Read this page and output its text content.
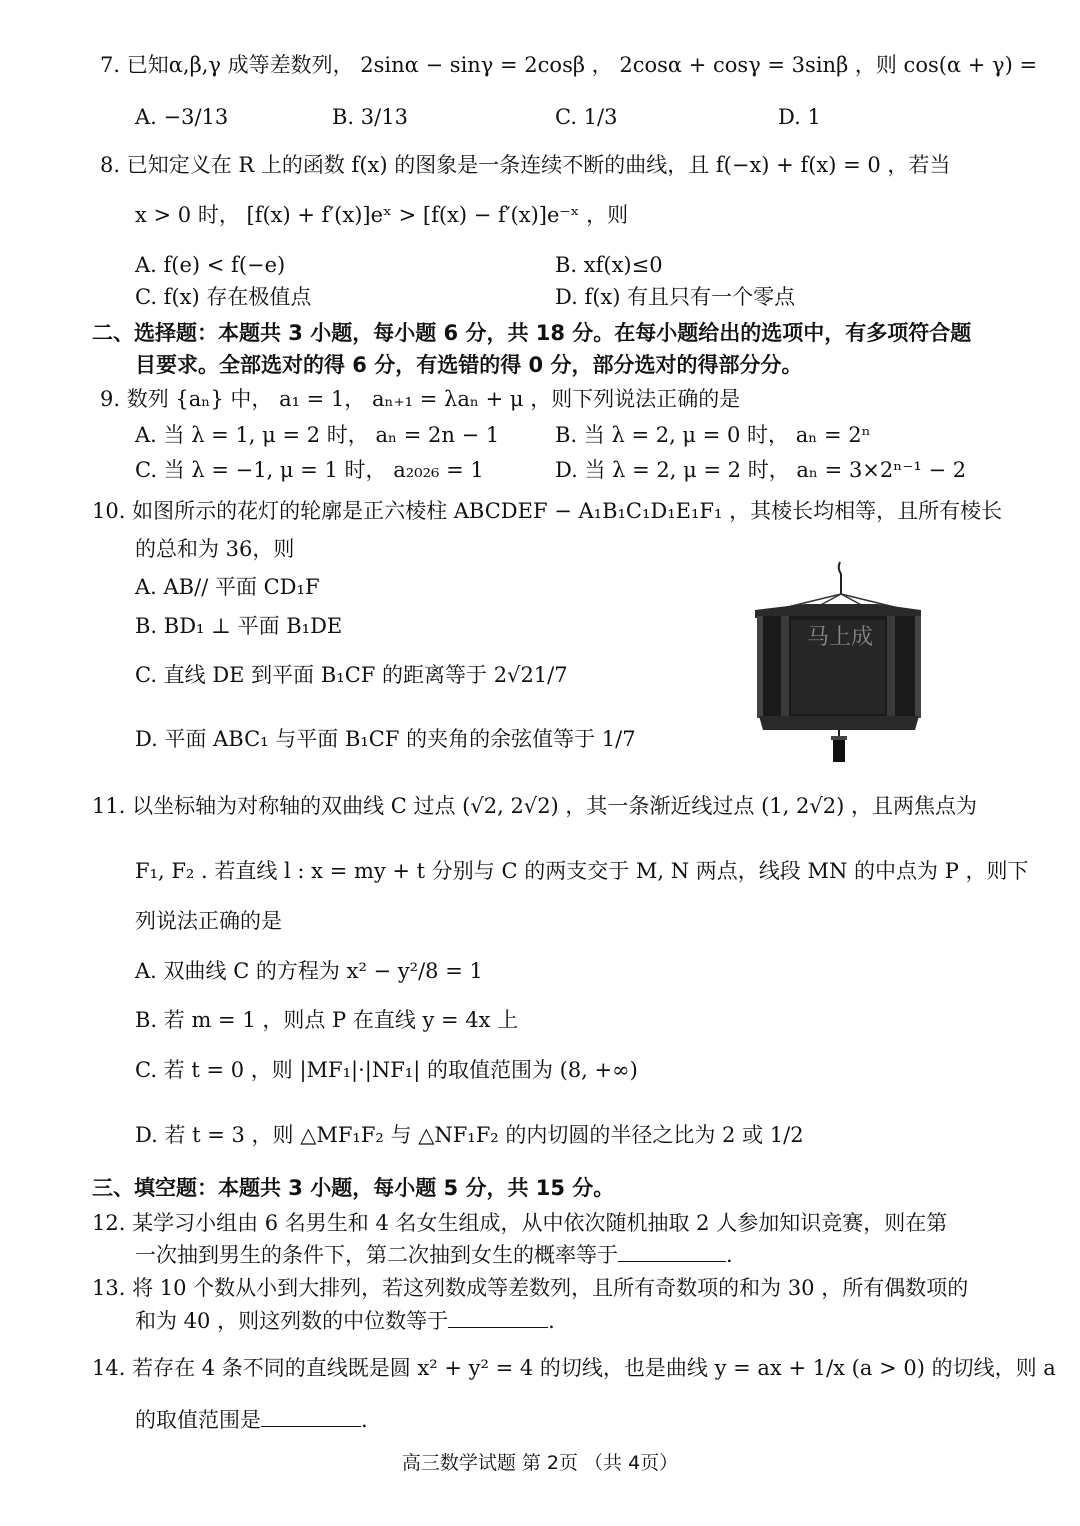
7. 已知α,β,γ 成等差数列， 2sinα − sinγ = 2cosβ ， 2cosα + cosγ = 3sinβ ，则 cos(α + γ) =
A. −3/13	B. 3/13	C. 1/3	D. 1
8. 已知定义在 R 上的函数 f(x) 的图象是一条连续不断的曲线，且 f(−x) + f(x) = 0 ，若当
x > 0 时， [f(x) + f′(x)]eˣ > [f(x) − f′(x)]e⁻ˣ ，则
A. f(e) < f(−e)	B. xf(x)≤0
C. f(x) 存在极值点	D. f(x) 有且只有一个零点
二、选择题：本题共 3 小题，每小题 6 分，共 18 分。在每小题给出的选项中，有多项符合题
目要求。全部选对的得 6 分，有选错的得 0 分，部分选对的得部分分。
9. 数列 {aₙ} 中， a₁ = 1， aₙ₊₁ = λaₙ + μ ，则下列说法正确的是
A. 当 λ = 1, μ = 2 时， aₙ = 2n − 1	B. 当 λ = 2, μ = 0 时， aₙ = 2ⁿ
C. 当 λ = −1, μ = 1 时， a₂₀₂₆ = 1	D. 当 λ = 2, μ = 2 时， aₙ = 3×2ⁿ⁻¹ − 2
10. 如图所示的花灯的轮廓是正六棱柱 ABCDEF − A₁B₁C₁D₁E₁F₁ ，其棱长均相等，且所有棱长
的总和为 36，则
A. AB// 平面 CD₁F
B. BD₁ ⊥ 平面 B₁DE
C. 直线 DE 到平面 B₁CF 的距离等于 2√21/7
D. 平面 ABC₁ 与平面 B₁CF 的夹角的余弦值等于 1/7
马上成
11. 以坐标轴为对称轴的双曲线 C 过点 (√2, 2√2) ，其一条渐近线过点 (1, 2√2) ，且两焦点为
F₁, F₂ . 若直线 l : x = my + t 分别与 C 的两支交于 M, N 两点，线段 MN 的中点为 P ，则下
列说法正确的是
A. 双曲线 C 的方程为 x² − y²/8 = 1
B. 若 m = 1 ，则点 P 在直线 y = 4x 上
C. 若 t = 0 ，则 |MF₁|·|NF₁| 的取值范围为 (8, +∞)
D. 若 t = 3 ，则 △MF₁F₂ 与 △NF₁F₂ 的内切圆的半径之比为 2 或 1/2
三、填空题：本题共 3 小题，每小题 5 分，共 15 分。
12. 某学习小组由 6 名男生和 4 名女生组成，从中依次随机抽取 2 人参加知识竞赛，则在第
一次抽到男生的条件下，第二次抽到女生的概率等于	.
13. 将 10 个数从小到大排列，若这列数成等差数列，且所有奇数项的和为 30 ，所有偶数项的
和为 40 ，则这列数的中位数等于	.
14. 若存在 4 条不同的直线既是圆 x² + y² = 4 的切线，也是曲线 y = ax + 1/x (a > 0) 的切线，则 a
的取值范围是	.
高三数学试题 第 2页 （共 4页）
